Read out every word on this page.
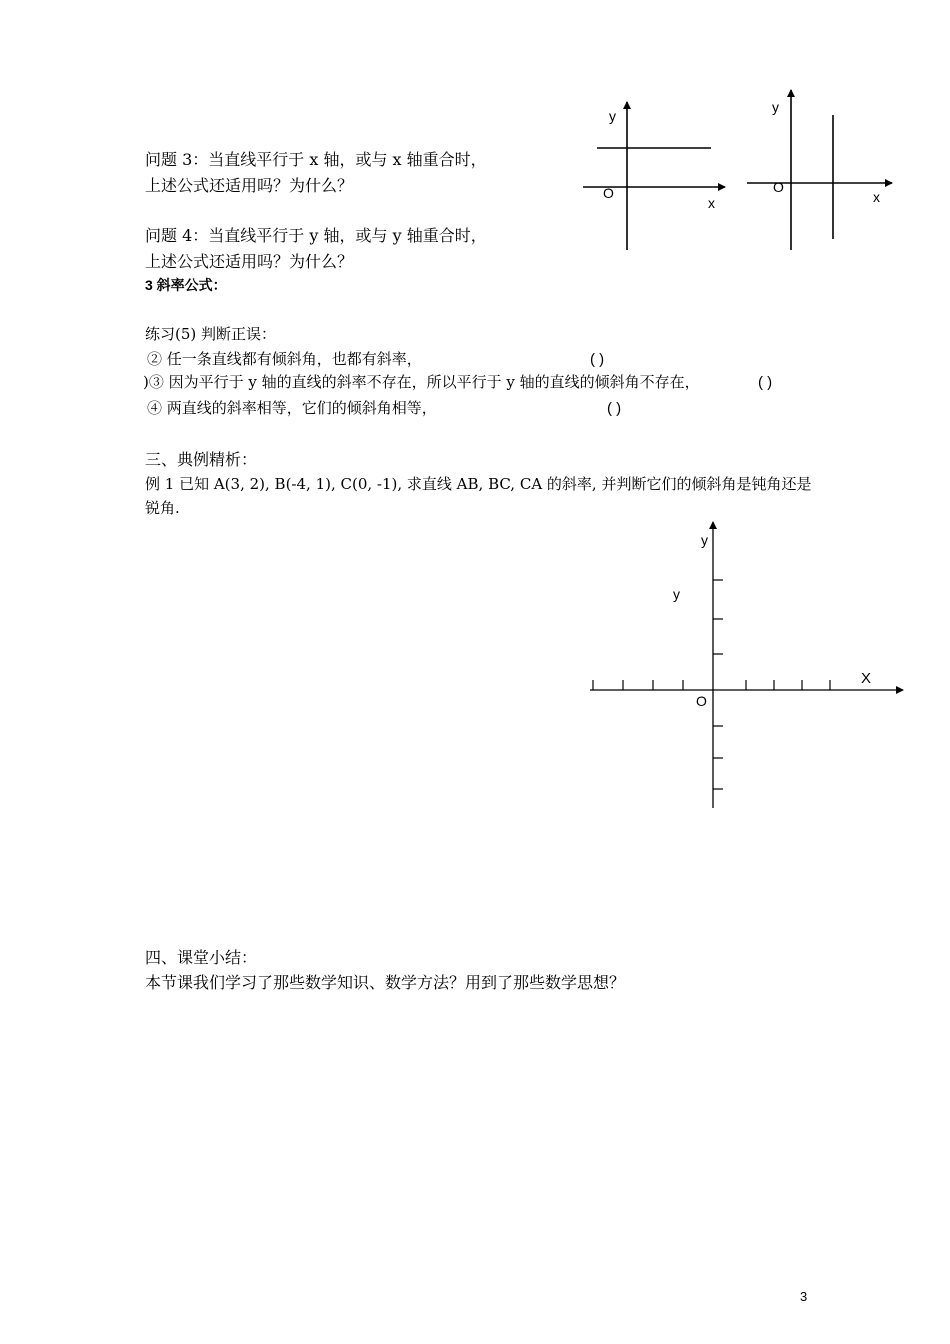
问题 3：当直线平行于 x 轴，或与 x 轴重合时，
上述公式还适用吗？为什么？
问题 4：当直线平行于 y 轴，或与 y 轴重合时，
上述公式还适用吗？为什么？
3 斜率公式：
练习(5) 判断正误：
② 任一条直线都有倾斜角，也都有斜率，	( )
)③ 因为平行于 y 轴的直线的斜率不存在，所以平行于 y 轴的直线的倾斜角不存在，	( )
④ 两直线的斜率相等，它们的倾斜角相等，	( )
三、典例精析：
例 1 已知 A(3, 2), B(-4, 1), C(0, -1), 求直线 AB, BC, CA 的斜率, 并判断它们的倾斜角是钝角还是
锐角.
四、课堂小结：
本节课我们学习了那些数学知识、数学方法？用到了那些数学思想？
3
y
O
x
y
O
x
y
y
O
X
